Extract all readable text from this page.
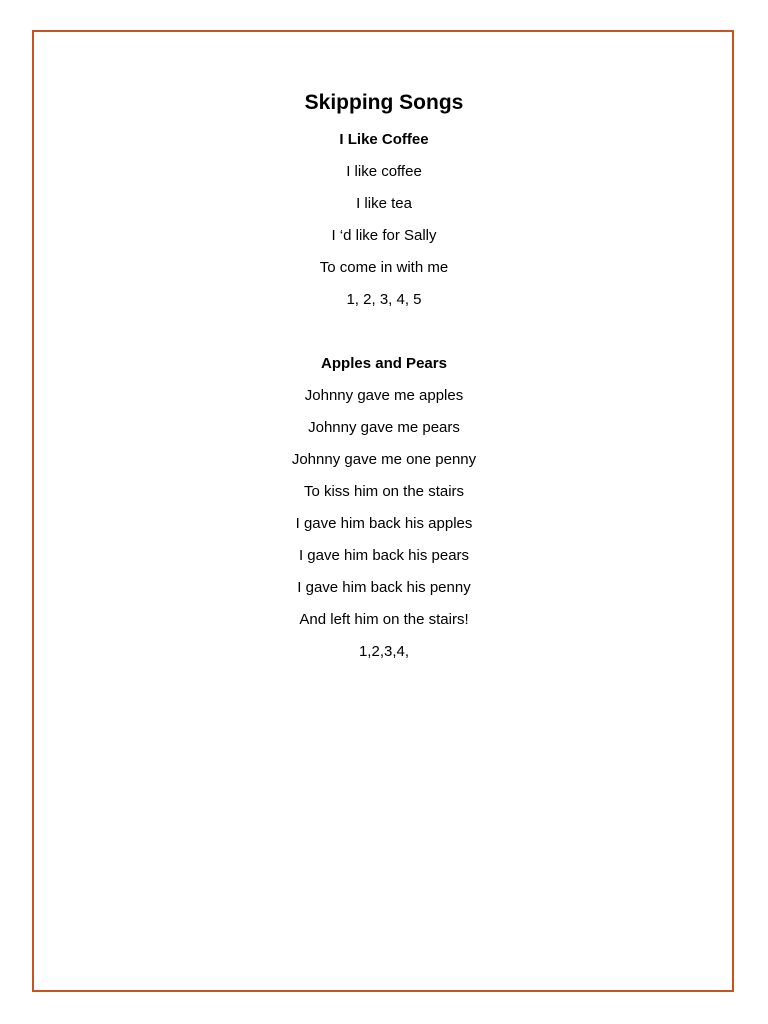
Skipping Songs
I Like Coffee
I like coffee
I like tea
I ‘d like for Sally
To come in with me
1, 2, 3, 4, 5
Apples and Pears
Johnny gave me apples
Johnny gave me pears
Johnny gave me one penny
To kiss him on the stairs
I gave him back his apples
I gave him back his pears
I gave him back his penny
And left him on the stairs!
1,2,3,4,
